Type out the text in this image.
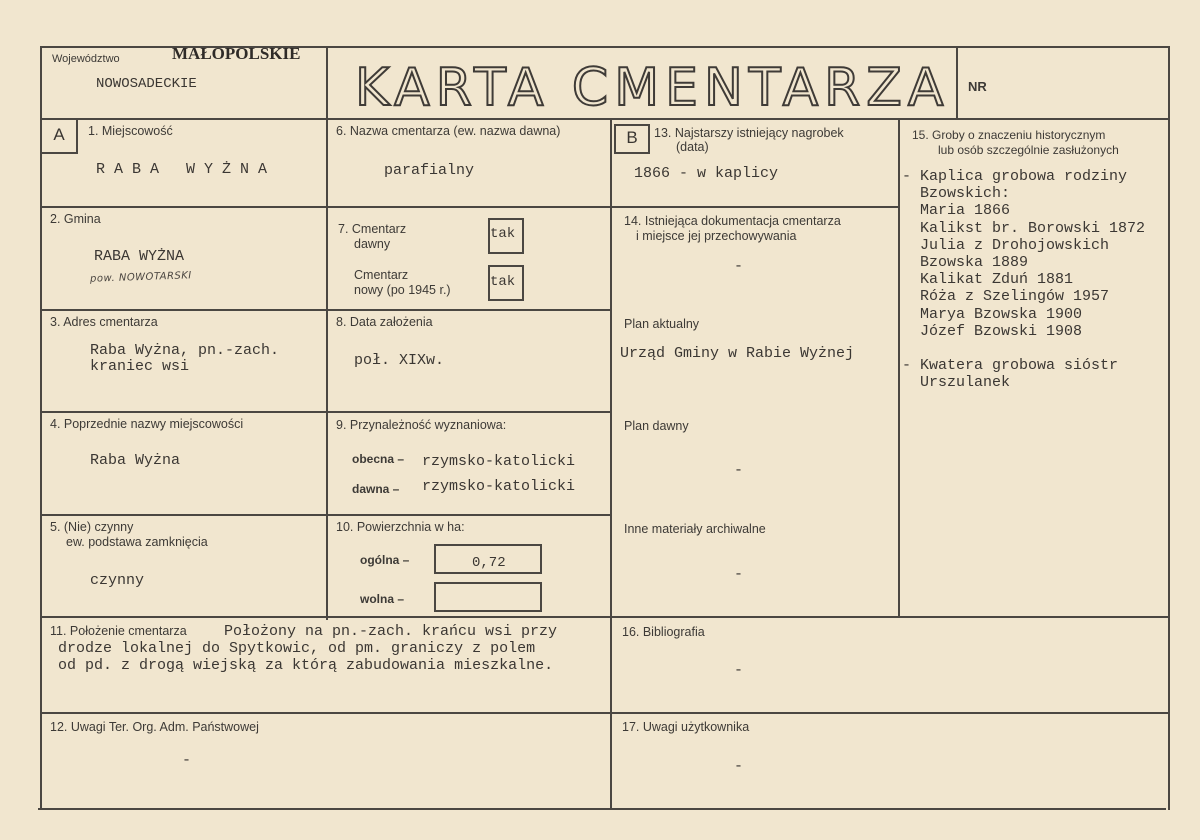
Województwo	MAŁOPOLSKIE
NOWOSADECKIE	KARTA CMENTARZA NR
A	1. Miejscowość
R A B A   W Y Ż N A
2. Gmina
RABA WYŻNA
pow. NOWOTARSKI
3. Adres cmentarza
Raba Wyżna, pn.-zach.
kraniec wsi
4. Poprzednie nazwy miejscowości
Raba Wyżna
5. (Nie) czynny
ew. podstawa zamknięcia
czynny
6. Nazwa cmentarza (ew. nazwa dawna)
parafialny
7. Cmentarz
dawny
tak
Cmentarz
nowy (po 1945 r.)	tak
8. Data założenia
poł. XIXw.
9. Przynależność wyznaniowa:
obecna – rzymsko-katolicki
dawna – rzymsko-katolicki
10. Powierzchnia w ha:
ogólna –	0,72
wolna –
B	13. Najstarszy istniejący nagrobek
(data)
1866 - w kaplicy
14. Istniejąca dokumentacja cmentarza
i miejsce jej przechowywania
-
Plan aktualny
Urząd Gminy w Rabie Wyżnej
Plan dawny
-
Inne materiały archiwalne
-
15. Groby o znaczeniu historycznym
lub osób szczególnie zasłużonych
- Kaplica grobowa rodziny
Bzowskich:
Maria 1866
Kalikst br. Borowski 1872
Julia z Drohojowskich
Bzowska 1889
Kalikat Zduń 1881
Róża z Szelingów 1957
Marya Bzowska 1900
Józef Bzowski 1908
- Kwatera grobowa sióstr
Urszulanek
11. Położenie cmentarza Położony na pn.-zach. krańcu wsi przy
drodze lokalnej do Spytkowic, od pm. graniczy z polem
od pd. z drogą wiejską za którą zabudowania mieszkalne.
16. Bibliografia
-
12. Uwagi Ter. Org. Adm. Państwowej
-
17. Uwagi użytkownika
-
